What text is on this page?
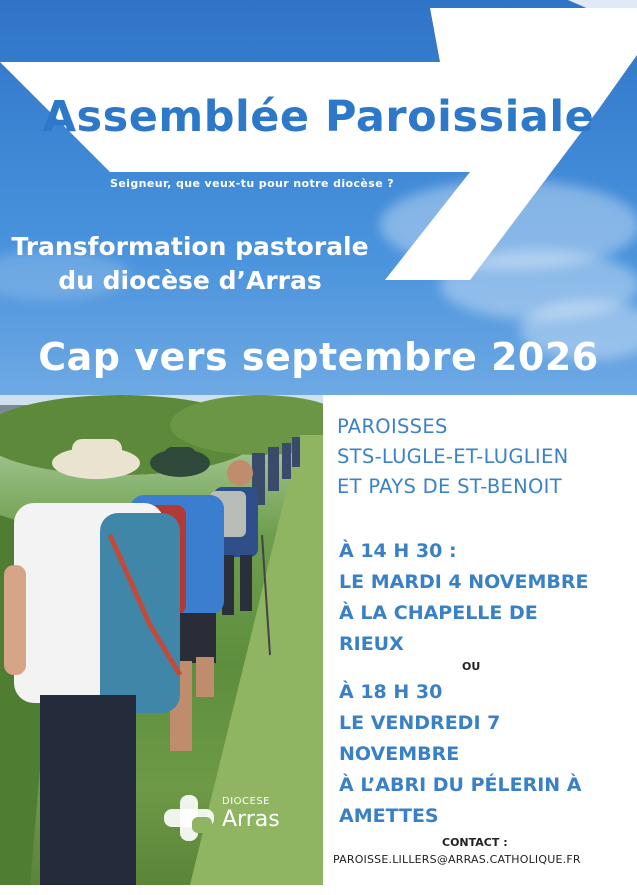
Assemblée Paroissiale
Seigneur, que veux-tu pour notre diocèse ?
Transformation pastorale
du diocèse d’Arras
Cap vers septembre 2026
DIOCESE
Arras
PAROISSES
STS-LUGLE-ET-LUGLIEN
ET PAYS DE ST-BENOIT
À 14 H 30 :
LE MARDI 4 NOVEMBRE
À LA CHAPELLE DE
RIEUX
OU
À 18 H 30
LE VENDREDI 7
NOVEMBRE
À L’ABRI DU PÉLERIN À
AMETTES
CONTACT :
PAROISSE.LILLERS@ARRAS.CATHOLIQUE.FR
